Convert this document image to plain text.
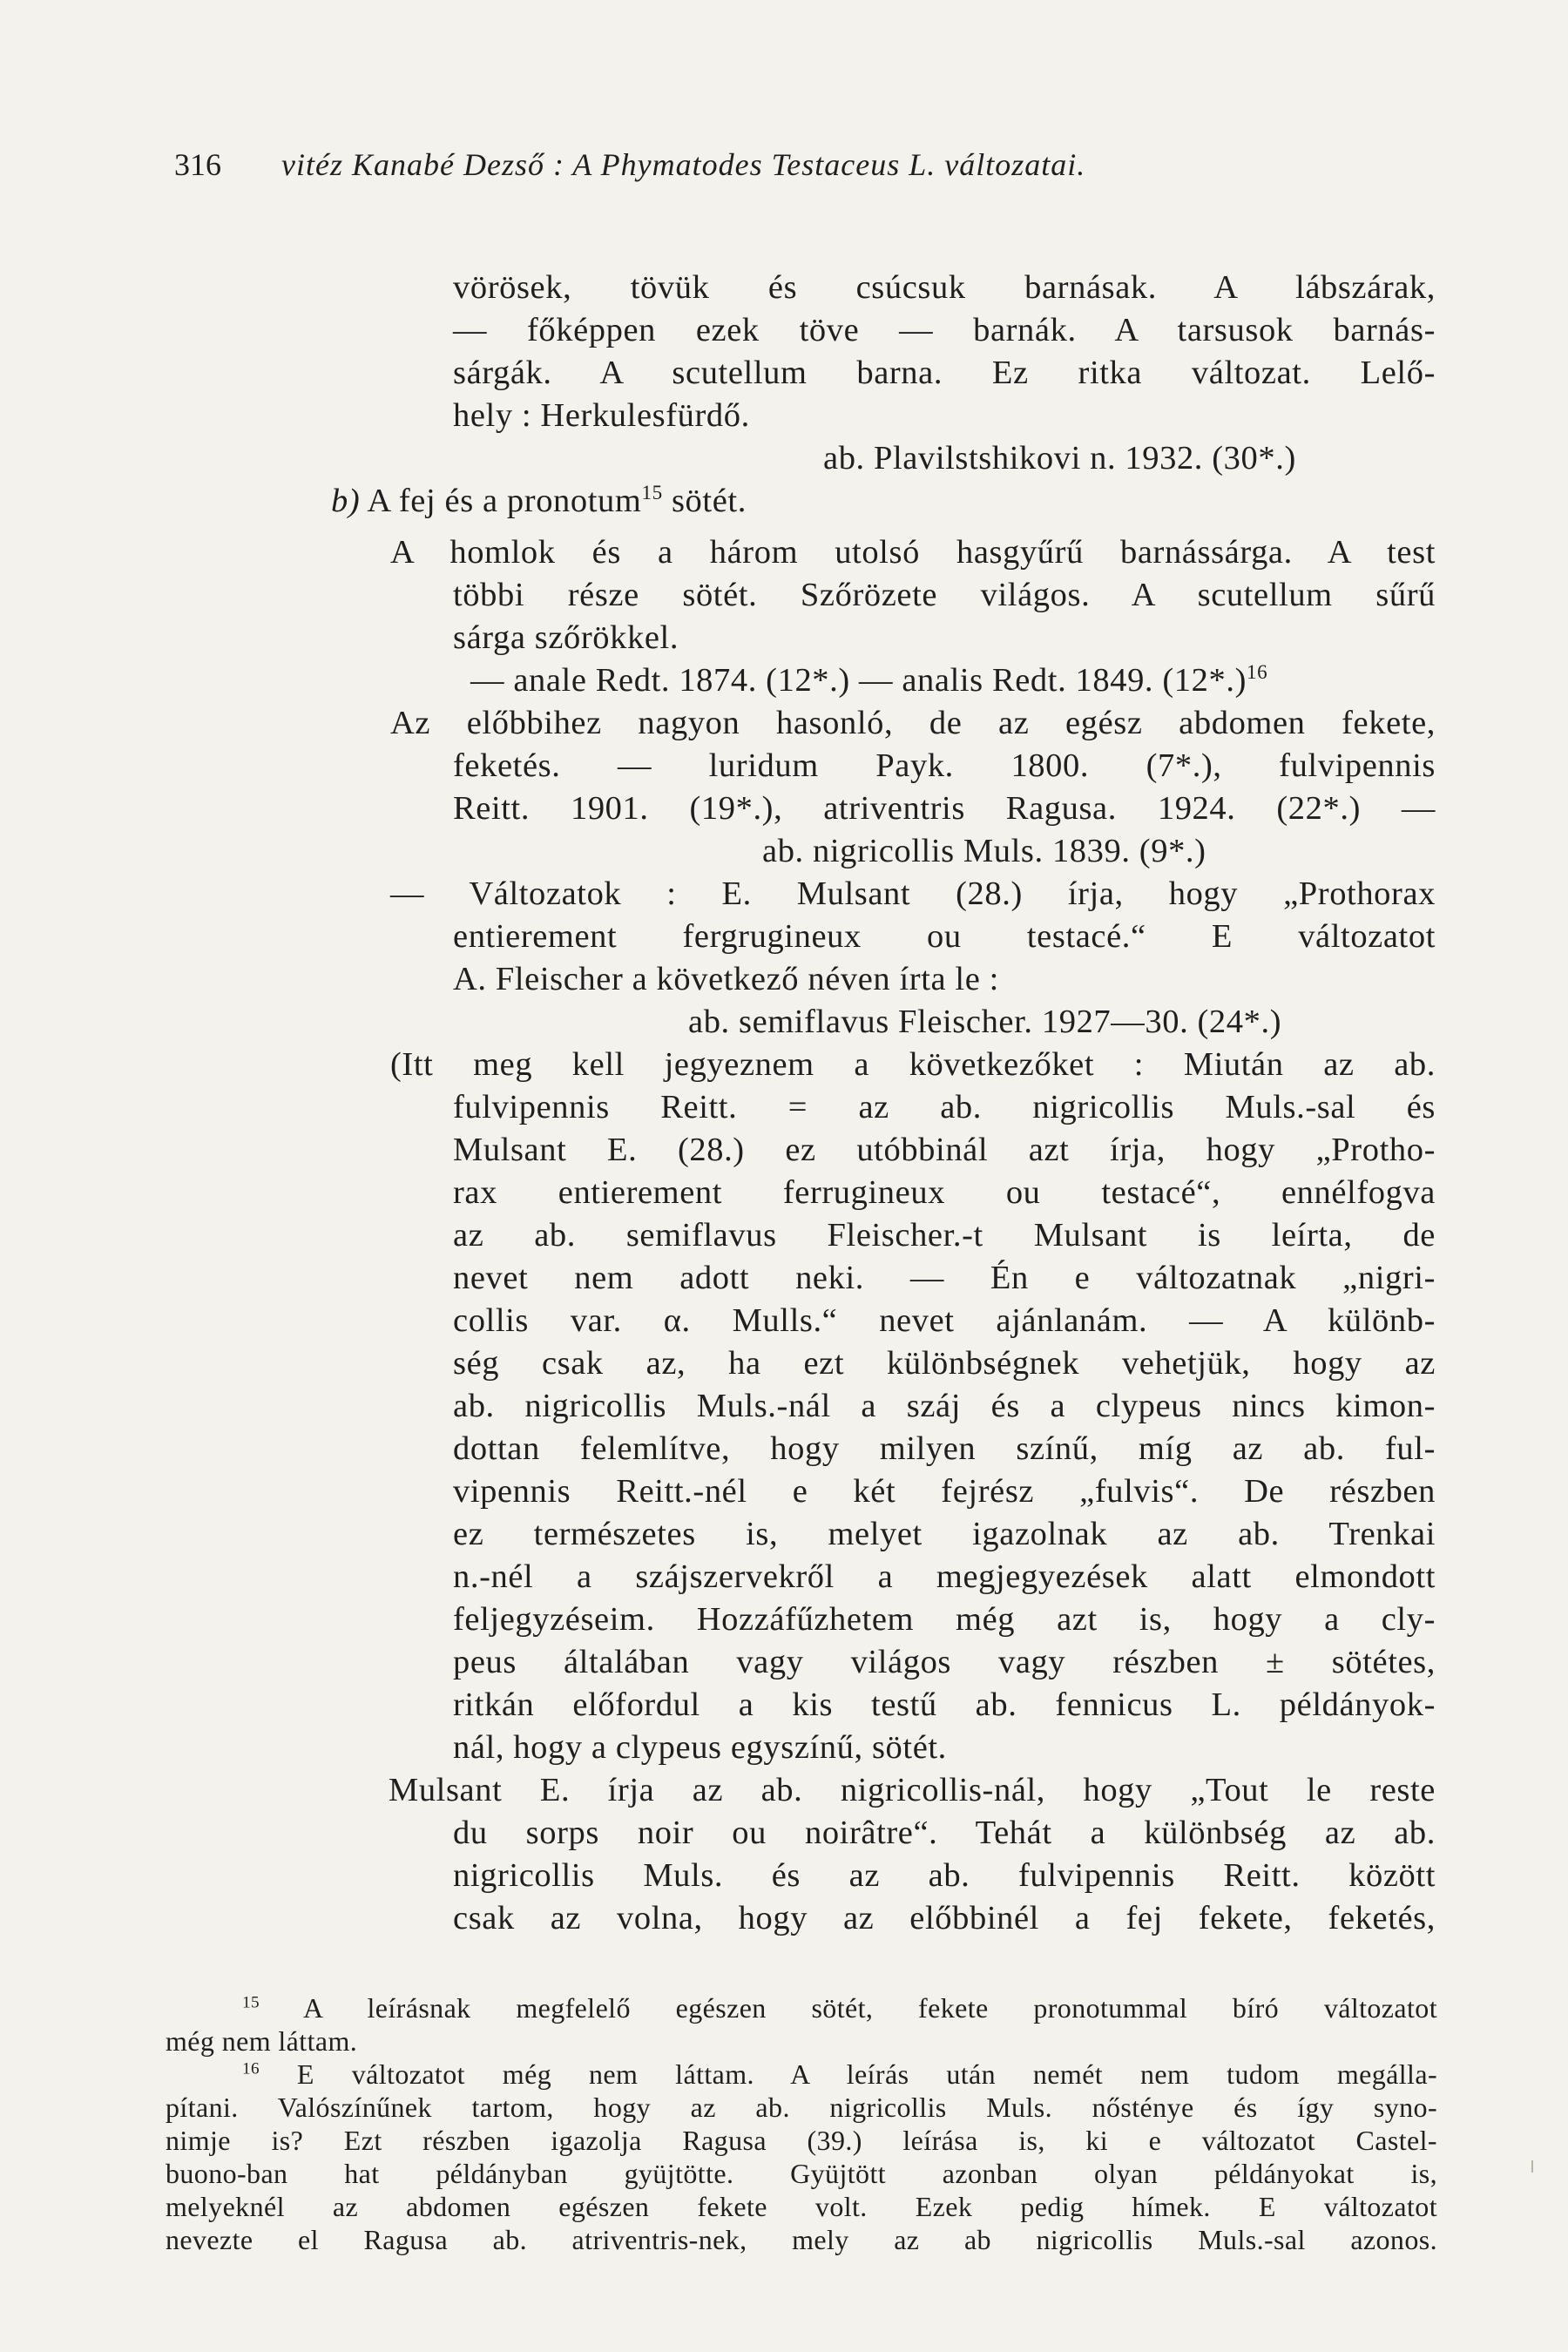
316 vitéz Kanabé Dezső : A Phymatodes Testaceus L. változatai.
vörösek, tövük és csúcsuk barnásak. A lábszárak,
— főképpen ezek töve — barnák. A tarsusok barnás-
sárgák. A scutellum barna. Ez ritka változat. Lelő-
hely : Herkulesfürdő.
ab. Plavilstshikovi n. 1932. (30*.)
b) A fej és a pronotum$^{15}$ sötét.
A homlok és a három utolsó hasgyűrű barnássárga. A test
többi része sötét. Szőrözete világos. A scutellum sűrű
sárga szőrökkel.
— anale Redt. 1874. (12*.) — analis Redt. 1849. $(12*.)^{16}$
Az előbbihez nagyon hasonló, de az egész abdomen fekete,
feketés. — luridum Payk. 1800. (7*.), fulvipennis
Reitt. 1901. (19*.), atriventris Ragusa. 1924. (22*.) —
ab. nigricollis Muls. 1839. (9*.)
— Változatok : E. Mulsant (28.) írja, hogy „Prothorax
entierement fergrugineux ou testacé.“ E változatot
A. Fleischer a következő néven írta le :
ab. semiflavus Fleischer. 1927—30. (24*.)
(Itt meg kell jegyeznem a következőket : Miután az ab.
fulvipennis Reitt. = az ab. nigricollis Muls.-sal és
Mulsant E. (28.) ez utóbbinál azt írja, hogy „Protho-
rax entierement ferrugineux ou testacé“, ennélfogva
az ab. semiflavus Fleischer.-t Mulsant is leírta, de
nevet nem adott neki. — Én e változatnak „nigri-
collis var. α. Mulls.“ nevet ajánlanám. — A különb-
ség csak az, ha ezt különbségnek vehetjük, hogy az
ab. nigricollis Muls.-nál a száj és a clypeus nincs kimon-
dottan felemlítve, hogy milyen színű, míg az ab. ful-
vipennis Reitt.-nél e két fejrész „fulvis“. De részben
ez természetes is, melyet igazolnak az ab. Trenkai
n.-nél a szájszervekről a megjegyezések alatt elmondott
feljegyzéseim. Hozzáfűzhetem még azt is, hogy a cly-
peus általában vagy világos vagy részben ± sötétes,
ritkán előfordul a kis testű ab. fennicus L. példányok-
nál, hogy a clypeus egyszínű, sötét.
Mulsant E. írja az ab. nigricollis-nál, hogy „Tout le reste
du sorps noir ou noirâtre“. Tehát a különbség az ab.
nigricollis Muls. és az ab. fulvipennis Reitt. között
csak az volna, hogy az előbbinél a fej fekete, feketés,
$^{15}$ A leírásnak megfelelő egészen sötét, fekete pronotummal bíró változatot
még nem láttam.
$^{16}$ E változatot még nem láttam. A leírás után nemét nem tudom megálla-
pítani. Valószínűnek tartom, hogy az ab. nigricollis Muls. nősténye és így syno-
nimje is? Ezt részben igazolja Ragusa (39.) leírása is, ki e változatot Castel-
buono-ban hat példányban gyüjtötte. Gyüjtött azonban olyan példányokat is,
melyeknél az abdomen egészen fekete volt. Ezek pedig hímek. E változatot
nevezte el Ragusa ab. atriventris-nek, mely az ab nigricollis Muls.-sal azonos.
